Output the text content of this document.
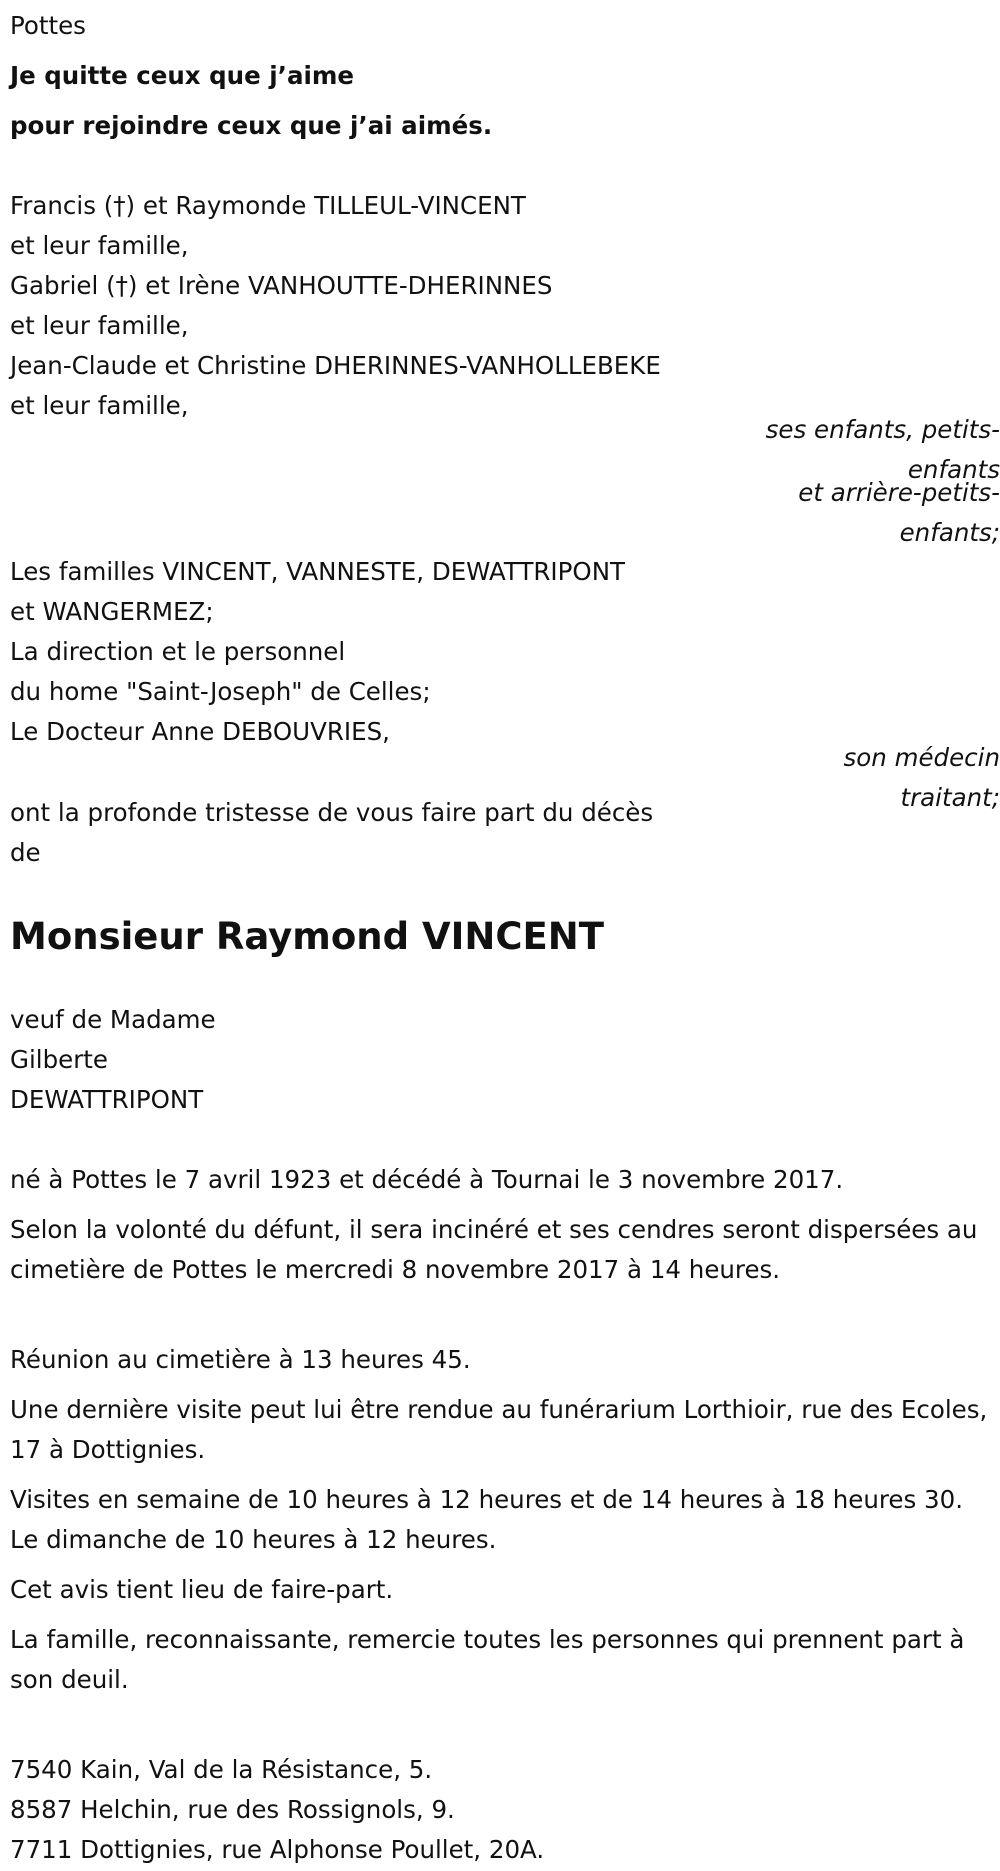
Pottes

Je quitte ceux que j’aime

pour rejoindre ceux que j’ai aimés.

Francis (†) et Raymonde TILLEUL-VINCENT

et leur famille,

Gabriel (†) et Irène VANHOUTTE-DHERINNES

et leur famille,

Jean-Claude et Christine DHERINNES-VANHOLLEBEKE

et leur famille,

ses enfants, petits-

enfants

et arrière-petits-

enfants;

Les familles VINCENT, VANNESTE, DEWATTRIPONT

et WANGERMEZ;

La direction et le personnel

du home "Saint-Joseph" de Celles;

Le Docteur Anne DEBOUVRIES,

son médecin

traitant;

ont la profonde tristesse de vous faire part du décès

de

Monsieur Raymond VINCENT

veuf de Madame

Gilberte

DEWATTRIPONT

né à Pottes le 7 avril 1923 et décédé à Tournai le 3 novembre 2017.

Selon la volonté du défunt, il sera incinéré et ses cendres seront dispersées au cimetière de Pottes le mercredi 8 novembre 2017 à 14 heures.

Réunion au cimetière à 13 heures 45.

Une dernière visite peut lui être rendue au funérarium Lorthioir, rue des Ecoles, 17 à Dottignies.

Visites en semaine de 10 heures à 12 heures et de 14 heures à 18 heures 30. Le dimanche de 10 heures à 12 heures.

Cet avis tient lieu de faire-part.

La famille, reconnaissante, remercie toutes les personnes qui prennent part à son deuil.

7540 Kain, Val de la Résistance, 5.

8587 Helchin, rue des Rossignols, 9.

7711 Dottignies, rue Alphonse Poullet, 20A.
